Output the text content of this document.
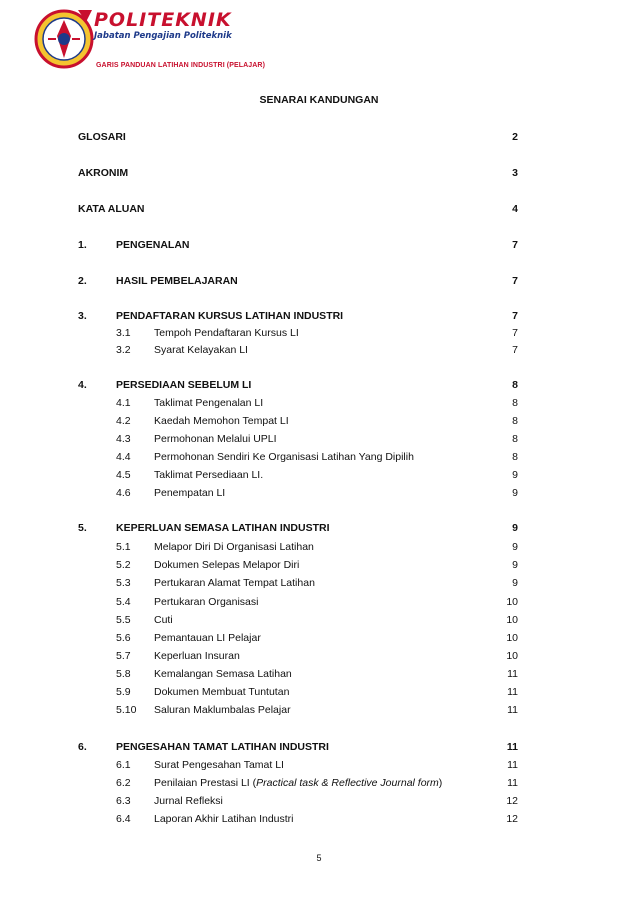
POLITEKNIK
Jabatan Pengajian Politeknik
GARIS PANDUAN LATIHAN INDUSTRI (PELAJAR)
SENARAI KANDUNGAN
GLOSARI	2
AKRONIM	3
KATA ALUAN	4
1.	PENGENALAN	7
2.	HASIL PEMBELAJARAN	7
3.	PENDAFTARAN KURSUS LATIHAN INDUSTRI	7
3.1 Tempoh Pendaftaran Kursus LI	7
3.2 Syarat Kelayakan LI	7
4.	PERSEDIAAN SEBELUM LI	8
4.1 Taklimat Pengenalan LI	8
4.2 Kaedah Memohon Tempat LI	8
4.3 Permohonan Melalui UPLI	8
4.4 Permohonan Sendiri Ke Organisasi Latihan Yang Dipilih	8
4.5 Taklimat Persediaan LI.	9
4.6 Penempatan LI	9
5.	KEPERLUAN SEMASA LATIHAN INDUSTRI	9
5.1 Melapor Diri Di Organisasi Latihan	9
5.2 Dokumen Selepas Melapor Diri	9
5.3 Pertukaran Alamat Tempat Latihan	9
5.4 Pertukaran Organisasi	10
5.5 Cuti	10
5.6 Pemantauan LI Pelajar	10
5.7 Keperluan Insuran	10
5.8 Kemalangan Semasa Latihan	11
5.9 Dokumen Membuat Tuntutan	11
5.10 Saluran Maklumbalas Pelajar	11
6.	PENGESAHAN TAMAT LATIHAN INDUSTRI	11
6.1 Surat Pengesahan Tamat LI	11
6.2 Penilaian Prestasi LI (Practical task & Reflective Journal form)	11
6.3 Jurnal Refleksi	12
6.4 Laporan Akhir Latihan Industri	12
5
